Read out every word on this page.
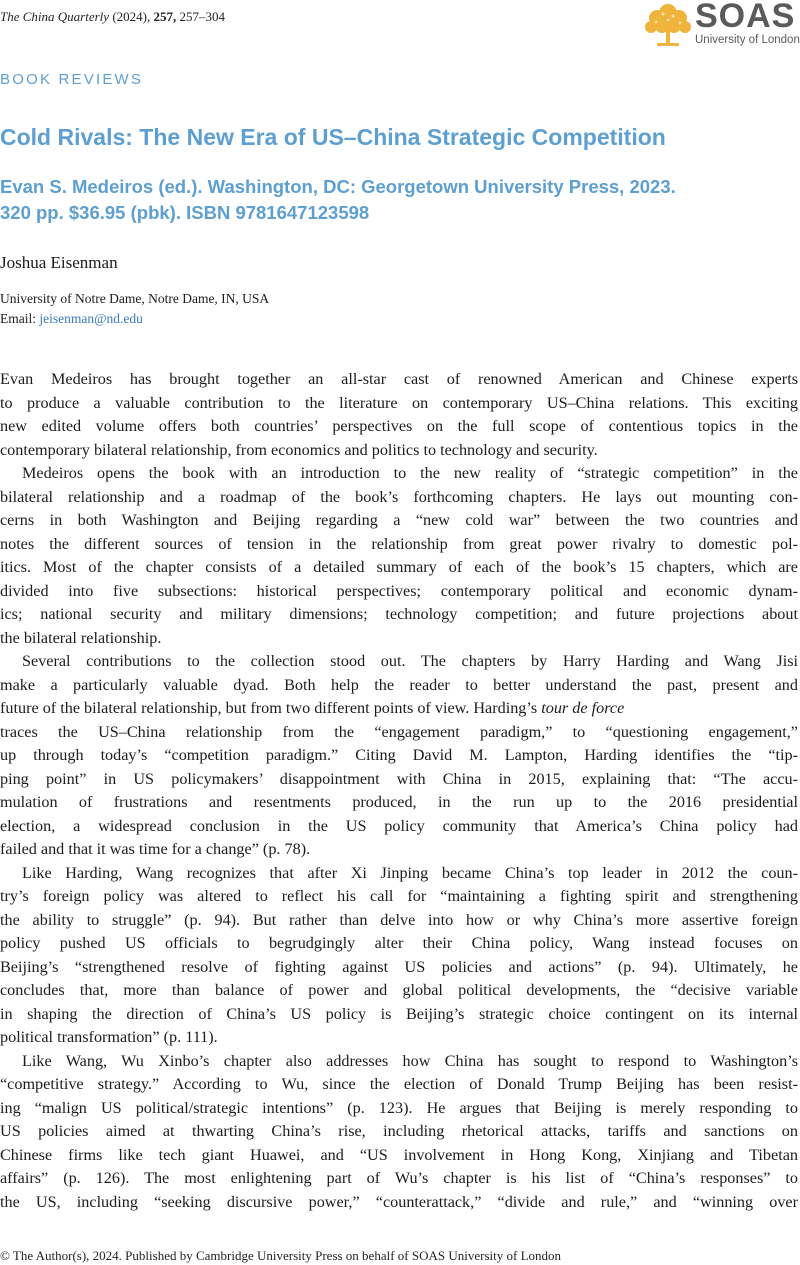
The China Quarterly (2024), 257, 257–304	SOAS
University of London
BOOK REVIEWS
Cold Rivals: The New Era of US–China Strategic Competition
Evan S. Medeiros (ed.). Washington, DC: Georgetown University Press, 2023.
320 pp. $36.95 (pbk). ISBN 9781647123598
Joshua Eisenman
University of Notre Dame, Notre Dame, IN, USA
Email: jeisenman@nd.edu
Evan Medeiros has brought together an all-star cast of renowned American and Chinese experts
to produce a valuable contribution to the literature on contemporary US–China relations. This exciting
new edited volume offers both countries’ perspectives on the full scope of contentious topics in the
contemporary bilateral relationship, from economics and politics to technology and security.
Medeiros opens the book with an introduction to the new reality of “strategic competition” in the
bilateral relationship and a roadmap of the book’s forthcoming chapters. He lays out mounting con-
cerns in both Washington and Beijing regarding a “new cold war” between the two countries and
notes the different sources of tension in the relationship from great power rivalry to domestic pol-
itics. Most of the chapter consists of a detailed summary of each of the book’s 15 chapters, which are
divided into five subsections: historical perspectives; contemporary political and economic dynam-
ics; national security and military dimensions; technology competition; and future projections about
the bilateral relationship.
Several contributions to the collection stood out. The chapters by Harry Harding and Wang Jisi
make a particularly valuable dyad. Both help the reader to better understand the past, present and
future of the bilateral relationship, but from two different points of view. Harding’s tour de force
traces the US–China relationship from the “engagement paradigm,” to “questioning engagement,”
up through today’s “competition paradigm.” Citing David M. Lampton, Harding identifies the “tip-
ping point” in US policymakers’ disappointment with China in 2015, explaining that: “The accu-
mulation of frustrations and resentments produced, in the run up to the 2016 presidential
election, a widespread conclusion in the US policy community that America’s China policy had
failed and that it was time for a change” (p. 78).
Like Harding, Wang recognizes that after Xi Jinping became China’s top leader in 2012 the coun-
try’s foreign policy was altered to reflect his call for “maintaining a fighting spirit and strengthening
the ability to struggle” (p. 94). But rather than delve into how or why China’s more assertive foreign
policy pushed US officials to begrudgingly alter their China policy, Wang instead focuses on
Beijing’s “strengthened resolve of fighting against US policies and actions” (p. 94). Ultimately, he
concludes that, more than balance of power and global political developments, the “decisive variable
in shaping the direction of China’s US policy is Beijing’s strategic choice contingent on its internal
political transformation” (p. 111).
Like Wang, Wu Xinbo’s chapter also addresses how China has sought to respond to Washington’s
“competitive strategy.” According to Wu, since the election of Donald Trump Beijing has been resist-
ing “malign US political/strategic intentions” (p. 123). He argues that Beijing is merely responding to
US policies aimed at thwarting China’s rise, including rhetorical attacks, tariffs and sanctions on
Chinese firms like tech giant Huawei, and “US involvement in Hong Kong, Xinjiang and Tibetan
affairs” (p. 126). The most enlightening part of Wu’s chapter is his list of “China’s responses” to
the US, including “seeking discursive power,” “counterattack,” “divide and rule,” and “winning over
© The Author(s), 2024. Published by Cambridge University Press on behalf of SOAS University of London
